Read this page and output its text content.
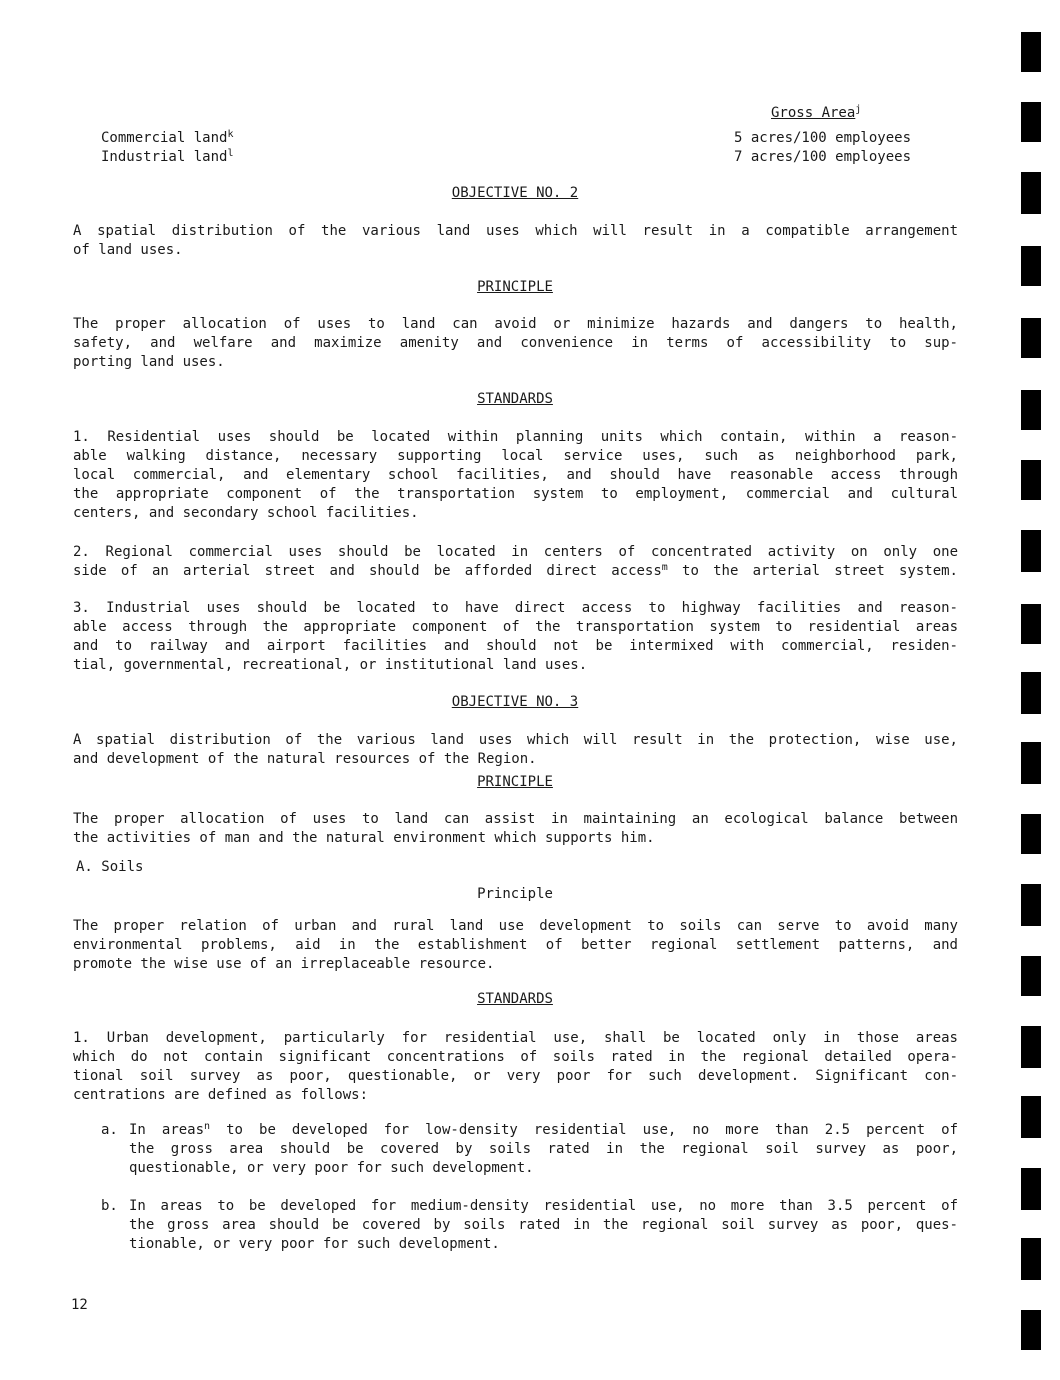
Gross Area$^j$
Commercial land$^k$	5 acres/100 employees
Industrial land$^l$	7 acres/100 employees
OBJECTIVE NO. 2
A spatial distribution of the various land uses which will result in a compatible arrangement
of land uses.
PRINCIPLE
The proper allocation of uses to land can avoid or minimize hazards and dangers to health,
safety, and welfare and maximize amenity and convenience in terms of accessibility to sup-
porting land uses.
STANDARDS
1. Residential uses should be located within planning units which contain, within a reason-
able walking distance, necessary supporting local service uses, such as neighborhood park,
local commercial, and elementary school facilities, and should have reasonable access through
the appropriate component of the transportation system to employment, commercial and cultural
centers, and secondary school facilities.
2. Regional commercial uses should be located in centers of concentrated activity on only one
side of an arterial street and should be afforded direct access$^m$ to the arterial street system.
3. Industrial uses should be located to have direct access to highway facilities and reason-
able access through the appropriate component of the transportation system to residential areas
and to railway and airport facilities and should not be intermixed with commercial, residen-
tial, governmental, recreational, or institutional land uses.
OBJECTIVE NO. 3
A spatial distribution of the various land uses which will result in the protection, wise use,
and development of the natural resources of the Region.
PRINCIPLE
The proper allocation of uses to land can assist in maintaining an ecological balance between
the activities of man and the natural environment which supports him.
A. Soils
Principle
The proper relation of urban and rural land use development to soils can serve to avoid many
environmental problems, aid in the establishment of better regional settlement patterns, and
promote the wise use of an irreplaceable resource.
STANDARDS
1. Urban development, particularly for residential use, shall be located only in those areas
which do not contain significant concentrations of soils rated in the regional detailed opera-
tional soil survey as poor, questionable, or very poor for such development. Significant con-
centrations are defined as follows:
a. In areas$^n$ to be developed for low-density residential use, no more than 2.5 percent of
the gross area should be covered by soils rated in the regional soil survey as poor,
questionable, or very poor for such development.
b. In areas to be developed for medium-density residential use, no more than 3.5 percent of
the gross area should be covered by soils rated in the regional soil survey as poor, ques-
tionable, or very poor for such development.
12
